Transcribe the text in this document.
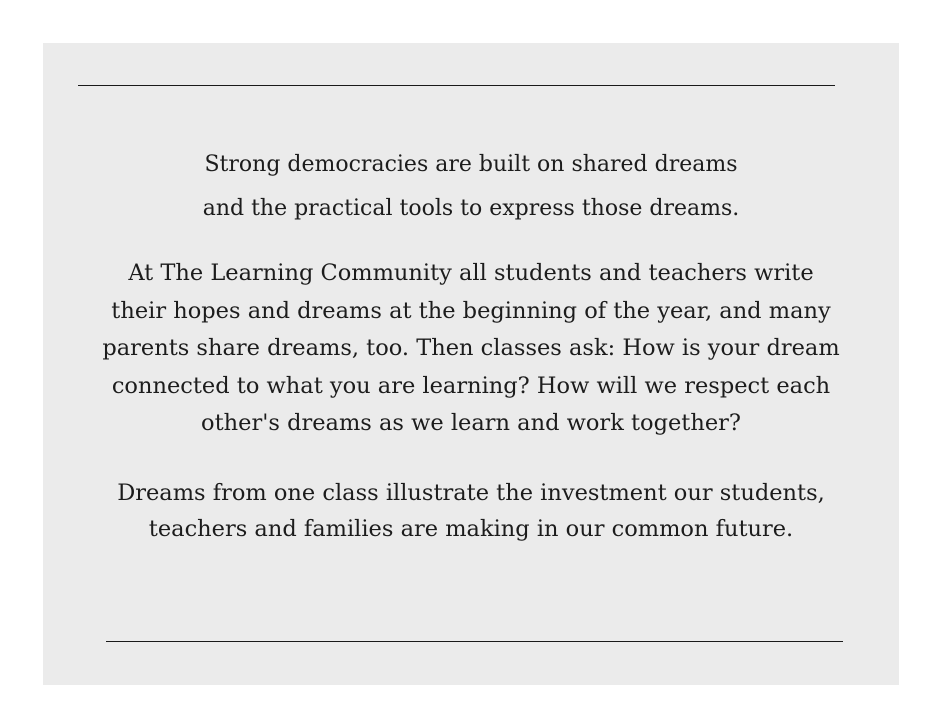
Strong democracies are built on shared dreams
and the practical tools to express those dreams.

At The Learning Community all students and teachers write
their hopes and dreams at the beginning of the year, and many
parents share dreams, too. Then classes ask: How is your dream
connected to what you are learning? How will we respect each
other's dreams as we learn and work together?

Dreams from one class illustrate the investment our students,
teachers and families are making in our common future.
